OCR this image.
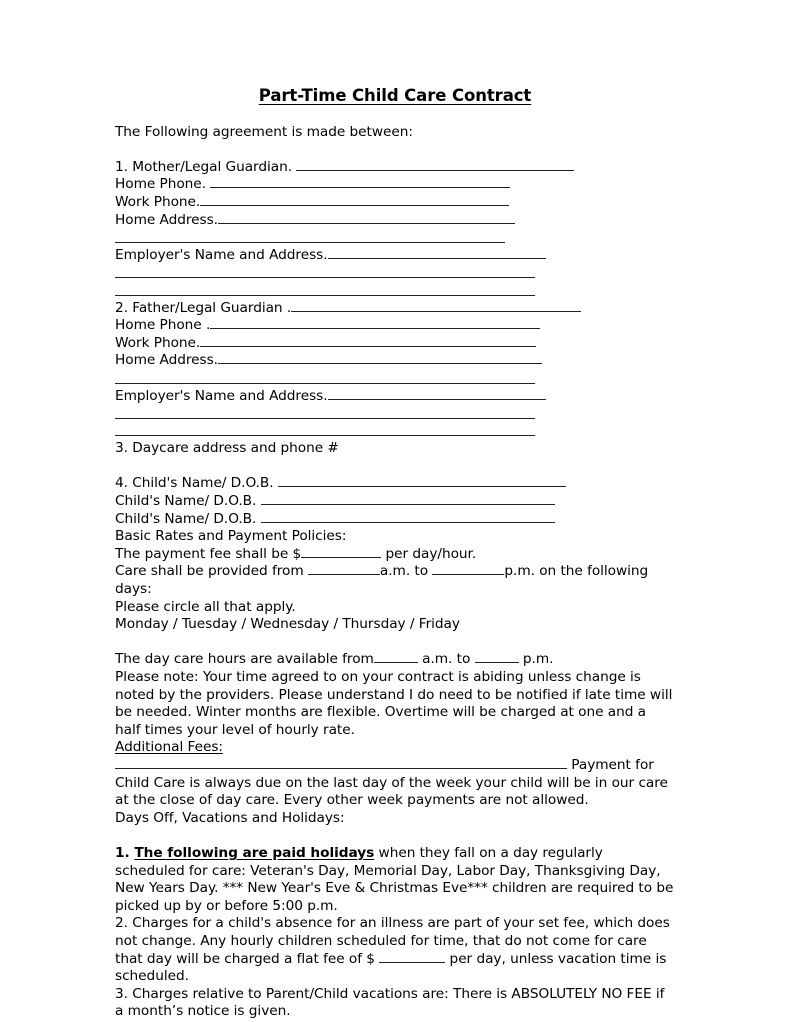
Part-Time Child Care Contract
The Following agreement is made between:
1. Mother/Legal Guardian.
Home Phone.
Work Phone.
Home Address.
Employer's Name and Address.
2. Father/Legal Guardian .
Home Phone .
Work Phone.
Home Address.
Employer's Name and Address.
3. Daycare address and phone #
4. Child's Name/ D.O.B.
Child's Name/ D.O.B.
Child's Name/ D.O.B.
Basic Rates and Payment Policies:
The payment fee shall be $	per day/hour.
Care shall be provided from	a.m. to	p.m. on the following days:
Please circle all that apply.
Monday / Tuesday / Wednesday / Thursday / Friday
The day care hours are available from	a.m. to	p.m.
Please note: Your time agreed to on your contract is abiding unless change is noted by the providers. Please understand I do need to be notified if late time will be needed. Winter months are flexible. Overtime will be charged at one and a half times your level of hourly rate.
Additional Fees:
Payment for
Child Care is always due on the last day of the week your child will be in our care at the close of day care. Every other week payments are not allowed.
Days Off, Vacations and Holidays:
1. The following are paid holidays when they fall on a day regularly scheduled for care: Veteran's Day, Memorial Day, Labor Day, Thanksgiving Day, New Years Day. *** New Year's Eve & Christmas Eve*** children are required to be picked up by or before 5:00 p.m.
2. Charges for a child's absence for an illness are part of your set fee, which does not change. Any hourly children scheduled for time, that do not come for care that day will be charged a flat fee of $	per day, unless vacation time is scheduled.
3. Charges relative to Parent/Child vacations are: There is ABSOLUTELY NO FEE if a month’s notice is given.
